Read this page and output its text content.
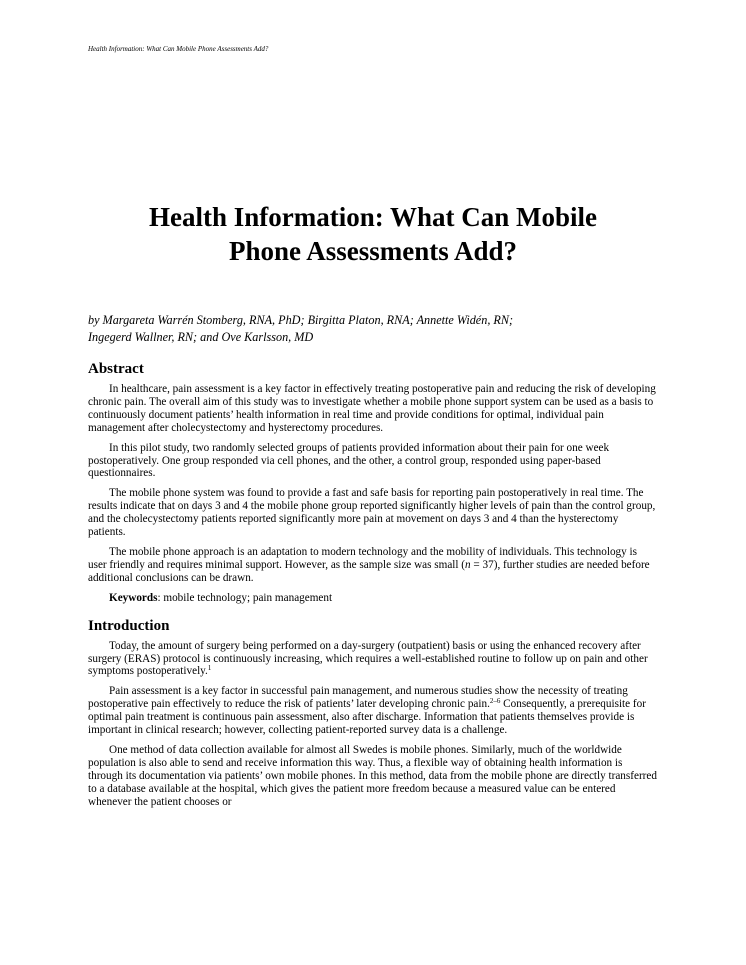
Health Information: What Can Mobile Phone Assessments Add?
Health Information: What Can Mobile
Phone Assessments Add?
by Margareta Warrén Stomberg, RNA, PhD; Birgitta Platon, RNA; Annette Widén, RN;
Ingegerd Wallner, RN; and Ove Karlsson, MD
Abstract

In healthcare, pain assessment is a key factor in effectively treating postoperative pain and reducing the risk of developing chronic pain. The overall aim of this study was to investigate whether a mobile phone support system can be used as a basis to continuously document patients’ health information in real time and provide conditions for optimal, individual pain management after cholecystectomy and hysterectomy procedures.

In this pilot study, two randomly selected groups of patients provided information about their pain for one week postoperatively. One group responded via cell phones, and the other, a control group, responded using paper-based questionnaires.

The mobile phone system was found to provide a fast and safe basis for reporting pain postoperatively in real time. The results indicate that on days 3 and 4 the mobile phone group reported significantly higher levels of pain than the control group, and the cholecystectomy patients reported significantly more pain at movement on days 3 and 4 than the hysterectomy patients.

The mobile phone approach is an adaptation to modern technology and the mobility of individuals. This technology is user friendly and requires minimal support. However, as the sample size was small (n = 37), further studies are needed before additional conclusions can be drawn.

Keywords: mobile technology; pain management

Introduction

Today, the amount of surgery being performed on a day-surgery (outpatient) basis or using the enhanced recovery after surgery (ERAS) protocol is continuously increasing, which requires a well-established routine to follow up on pain and other symptoms postoperatively.$^1$

Pain assessment is a key factor in successful pain management, and numerous studies show the necessity of treating postoperative pain effectively to reduce the risk of patients’ later developing chronic pain.$^{2-6}$ Consequently, a prerequisite for optimal pain treatment is continuous pain assessment, also after discharge. Information that patients themselves provide is important in clinical research; however, collecting patient-reported survey data is a challenge.

One method of data collection available for almost all Swedes is mobile phones. Similarly, much of the worldwide population is also able to send and receive information this way. Thus, a flexible way of obtaining health information is through its documentation via patients’ own mobile phones. In this method, data from the mobile phone are directly transferred to a database available at the hospital, which gives the patient more freedom because a measured value can be entered whenever the patient chooses or
